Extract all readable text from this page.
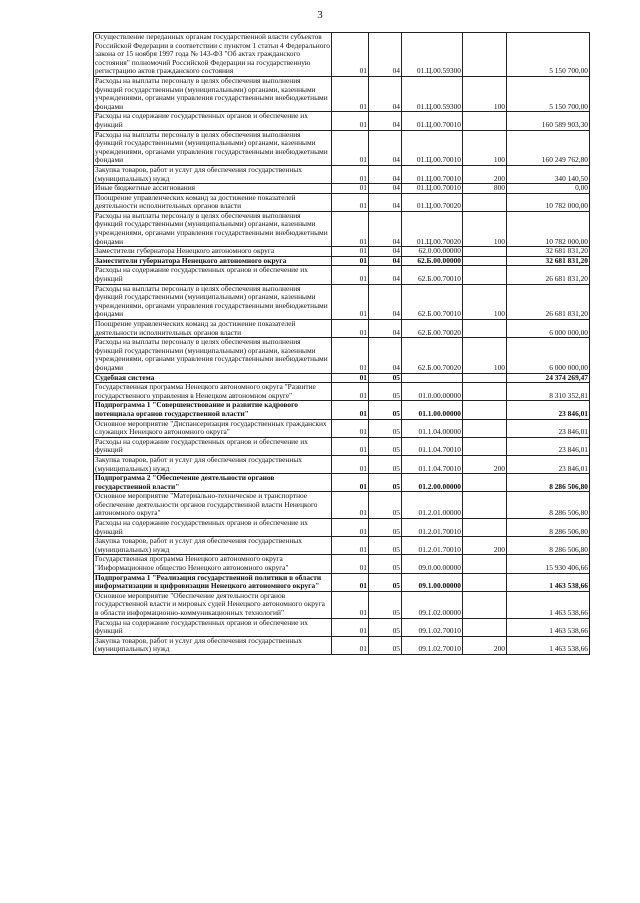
3
Осуществление переданных органам государственной власти субъектов Российской Федерации в соответствии с пунктом 1 статьи 4 Федерального закона от 15 ноября 1997 года № 143-ФЗ "Об актах гражданского состояния" полномочий Российской Федерации на государственную регистрацию актов гражданского состояния	01	04	01.Ц.00.59300		5 150 700,00
Расходы на выплаты персоналу в целях обеспечения выполнения функций государственными (муниципальными) органами, казенными учреждениями, органами управления государственными внебюджетными фондами	01	04	01.Ц.00.59300	100	5 150 700,00
Расходы на содержание государственных органов и обеспечение их функций	01	04	01.Ц.00.70010		160 589 903,30
Расходы на выплаты персоналу в целях обеспечения выполнения функций государственными (муниципальными) органами, казенными учреждениями, органами управления государственными внебюджетными фондами	01	04	01.Ц.00.70010	100	160 249 762,80
Закупка товаров, работ и услуг для обеспечения государственных (муниципальных) нужд	01	04	01.Ц.00.70010	200	340 140,50
Иные бюджетные ассигнования	01	04	01.Ц.00.70010	800	0,00
Поощрение управленческих команд за достижение показателей деятельности исполнительных органов власти	01	04	01.Ц.00.70020		10 782 000,00
Расходы на выплаты персоналу в целях обеспечения выполнения функций государственными (муниципальными) органами, казенными учреждениями, органами управления государственными внебюджетными фондами	01	04	01.Ц.00.70020	100	10 782 000,00
Заместители губернатора Ненецкого автономного округа	01	04	62.0.00.00000		32 681 831,20
Заместители губернатора Ненецкого автономного округа	01	04	62.Б.00.00000		32 681 831,20
Расходы на содержание государственных органов и обеспечение их функций	01	04	62.Б.00.70010		26 681 831,20
Расходы на выплаты персоналу в целях обеспечения выполнения функций государственными (муниципальными) органами, казенными учреждениями, органами управления государственными внебюджетными фондами	01	04	62.Б.00.70010	100	26 681 831,20
Поощрение управленческих команд за достижение показателей деятельности исполнительных органов власти	01	04	62.Б.00.70020		6 000 000,00
Расходы на выплаты персоналу в целях обеспечения выполнения функций государственными (муниципальными) органами, казенными учреждениями, органами управления государственными внебюджетными фондами	01	04	62.Б.00.70020	100	6 000 000,00
Судебная система	01	05			24 374 269,47
Государственная программа Ненецкого автономного округа "Развитие государственного управления в Ненецком автономном округе"	01	05	01.0.00.00000		8 310 352,81
Подпрограмма 1 "Совершенствование и развитие кадрового потенциала органов государственной власти"	01	05	01.1.00.00000		23 846,01
Основное мероприятие "Диспансеризация государственных гражданских служащих Ненецкого автономного округа"	01	05	01.1.04.00000		23 846,01
Расходы на содержание государственных органов и обеспечение их функций	01	05	01.1.04.70010		23 846,01
Закупка товаров, работ и услуг для обеспечения государственных (муниципальных) нужд	01	05	01.1.04.70010	200	23 846,01
Подпрограмма 2 "Обеспечение деятельности органов государственной власти"	01	05	01.2.00.00000		8 286 506,80
Основное мероприятие "Материально-техническое и транспортное обеспечение деятельности органов государственной власти Ненецкого автономного округа"	01	05	01.2.01.00000		8 286 506,80
Расходы на содержание государственных органов и обеспечение их функций	01	05	01.2.01.70010		8 286 506,80
Закупка товаров, работ и услуг для обеспечения государственных (муниципальных) нужд	01	05	01.2.01.70010	200	8 286 506,80
Государственная программа Ненецкого автономного округа "Информационное общество Ненецкого автономного округа"	01	05	09.0.00.00000		15 930 406,66
Подпрограмма 1 "Реализация государственной политики в области информатизации и цифровизации Ненецкого автономного округа"	01	05	09.1.00.00000		1 463 538,66
Основное мероприятие "Обеспечение деятельности органов государственной власти и мировых судей Ненецкого автономного округа в области информационно-коммуникационных технологий"	01	05	09.1.02.00000		1 463 538,66
Расходы на содержание государственных органов и обеспечение их функций	01	05	09.1.02.70010		1 463 538,66
Закупка товаров, работ и услуг для обеспечения государственных (муниципальных) нужд	01	05	09.1.02.70010	200	1 463 538,66
